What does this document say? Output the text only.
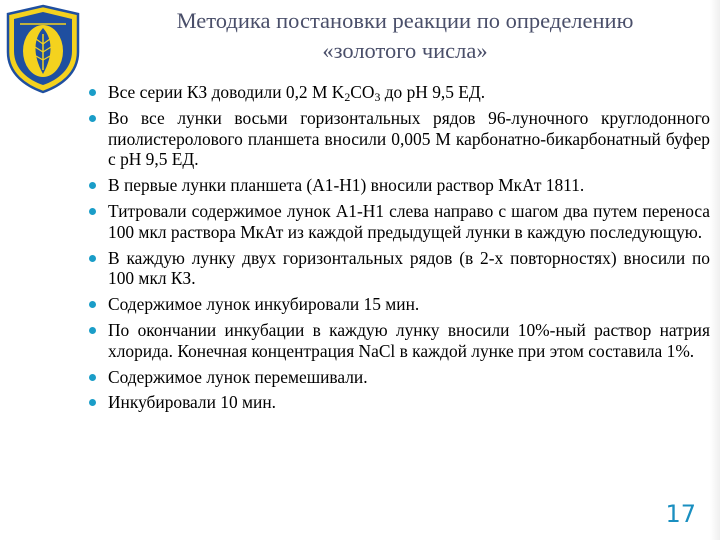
Методика постановки реакции по определению
«золотого числа»
Все серии КЗ доводили 0,2 М $K_2CO_3$ до pH 9,5 ЕД.
Во все лунки восьми горизонтальных рядов 96-луночного круглодонного пиолистеролового планшета вносили 0,005 М карбонатно-бикарбонатный буфер с pH 9,5 ЕД.
В первые лунки планшета (A1-H1) вносили раствор МкАт 1811.
Титровали содержимое лунок A1-H1 слева направо с шагом два путем переноса 100 мкл раствора МкАт из каждой предыдущей лунки в каждую последующую.
В каждую лунку двух горизонтальных рядов (в 2-х повторностях) вносили по 100 мкл КЗ.
Содержимое лунок инкубировали 15 мин.
По окончании инкубации в каждую лунку вносили 10%-ный раствор натрия хлорида. Конечная концентрация NaCl в каждой лунке при этом составила 1%.
Содержимое лунок перемешивали.
Инкубировали 10 мин.
17
